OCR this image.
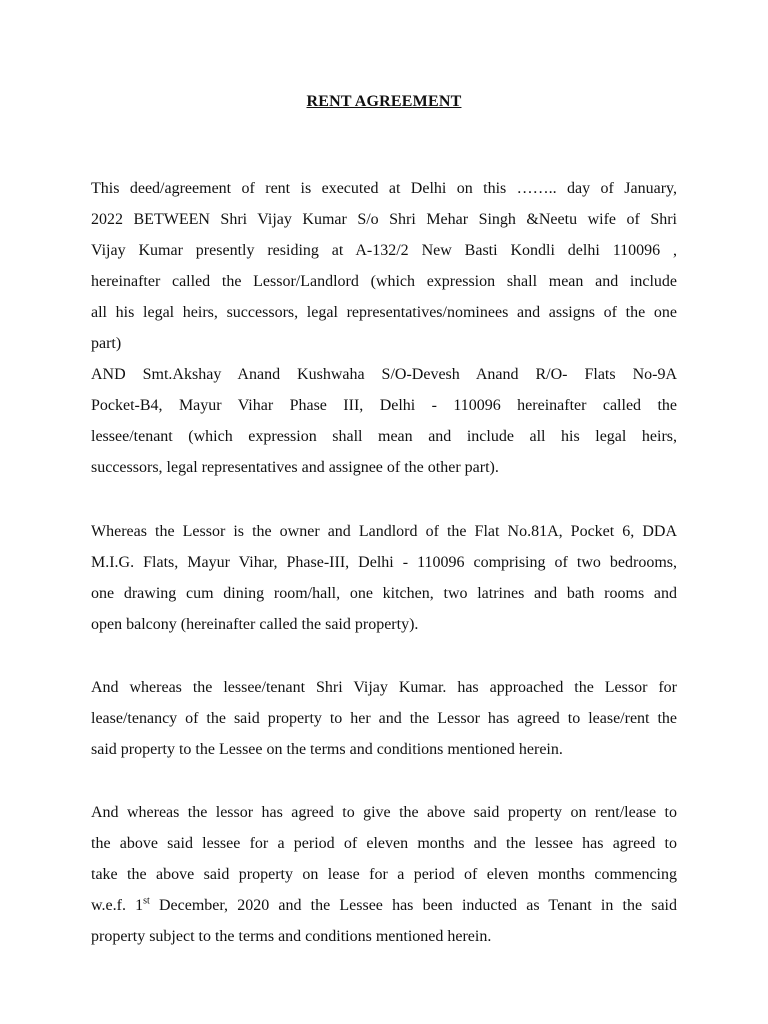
RENT AGREEMENT
This deed/agreement of rent is executed at Delhi on this …….. day of January,
2022 BETWEEN Shri Vijay Kumar S/o Shri Mehar Singh &Neetu wife of Shri
Vijay Kumar presently residing at A-132/2 New Basti Kondli delhi 110096 ,
hereinafter called the Lessor/Landlord (which expression shall mean and include
all his legal heirs, successors, legal representatives/nominees and assigns of the one
part)
AND Smt.Akshay Anand Kushwaha S/O-Devesh Anand R/O- Flats No-9A
Pocket-B4, Mayur Vihar Phase III, Delhi - 110096 hereinafter called the
lessee/tenant (which expression shall mean and include all his legal heirs,
successors, legal representatives and assignee of the other part).
Whereas the Lessor is the owner and Landlord of the Flat No.81A, Pocket 6, DDA
M.I.G. Flats, Mayur Vihar, Phase-III, Delhi - 110096 comprising of two bedrooms,
one drawing cum dining room/hall, one kitchen, two latrines and bath rooms and
open balcony (hereinafter called the said property).
And whereas the lessee/tenant Shri Vijay Kumar. has approached the Lessor for
lease/tenancy of the said property to her and the Lessor has agreed to lease/rent the
said property to the Lessee on the terms and conditions mentioned herein.
And whereas the lessor has agreed to give the above said property on rent/lease to
the above said lessee for a period of eleven months and the lessee has agreed to
take the above said property on lease for a period of eleven months commencing
w.e.f. 1st December, 2020 and the Lessee has been inducted as Tenant in the said
property subject to the terms and conditions mentioned herein.
